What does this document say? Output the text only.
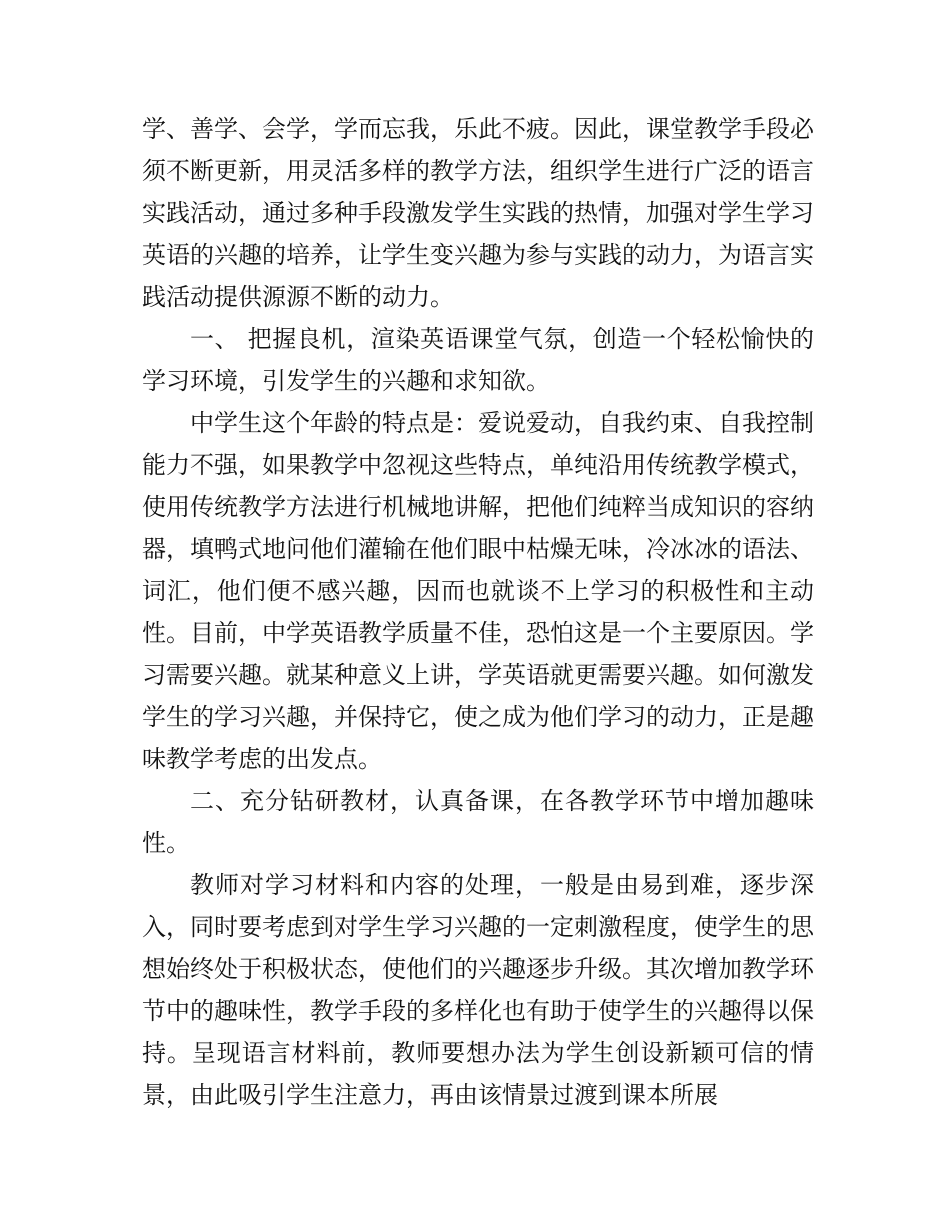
学、善学、会学，学而忘我，乐此不疲。因此，课堂教学手段必须不断更新，用灵活多样的教学方法，组织学生进行广泛的语言实践活动，通过多种手段激发学生实践的热情，加强对学生学习英语的兴趣的培养，让学生变兴趣为参与实践的动力，为语言实践活动提供源源不断的动力。

一、 把握良机，渲染英语课堂气氛，创造一个轻松愉快的学习环境，引发学生的兴趣和求知欲。

中学生这个年龄的特点是：爱说爱动，自我约束、自我控制能力不强，如果教学中忽视这些特点，单纯沿用传统教学模式，使用传统教学方法进行机械地讲解，把他们纯粹当成知识的容纳器，填鸭式地问他们灌输在他们眼中枯燥无味，冷冰冰的语法、词汇，他们便不感兴趣，因而也就谈不上学习的积极性和主动性。目前，中学英语教学质量不佳，恐怕这是一个主要原因。学习需要兴趣。就某种意义上讲，学英语就更需要兴趣。如何激发学生的学习兴趣，并保持它，使之成为他们学习的动力，正是趣味教学考虑的出发点。

二、充分钻研教材，认真备课，在各教学环节中增加趣味性。

教师对学习材料和内容的处理，一般是由易到难，逐步深入，同时要考虑到对学生学习兴趣的一定刺激程度，使学生的思想始终处于积极状态，使他们的兴趣逐步升级。其次增加教学环节中的趣味性，教学手段的多样化也有助于使学生的兴趣得以保持。呈现语言材料前，教师要想办法为学生创设新颖可信的情景，由此吸引学生注意力，再由该情景过渡到课本所展
